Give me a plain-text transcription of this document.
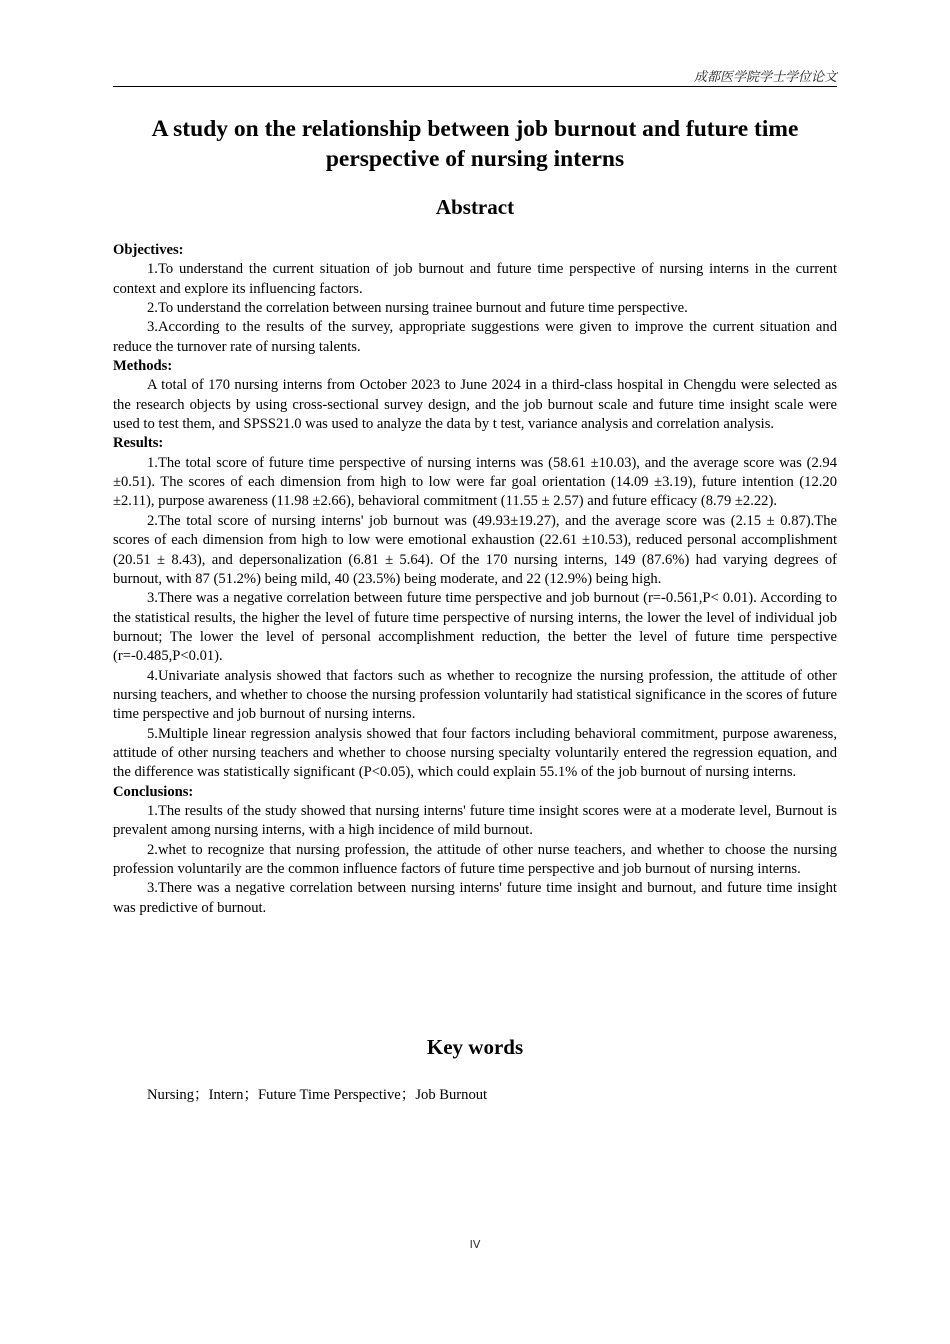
成都医学院学士学位论文
A study on the relationship between job burnout and future time perspective of nursing interns
Abstract
Objectives:

1.To understand the current situation of job burnout and future time perspective of nursing interns in the current context and explore its influencing factors.

2.To understand the correlation between nursing trainee burnout and future time perspective.

3.According to the results of the survey, appropriate suggestions were given to improve the current situation and reduce the turnover rate of nursing talents.

Methods:

A total of 170 nursing interns from October 2023 to June 2024 in a third-class hospital in Chengdu were selected as the research objects by using cross-sectional survey design, and the job burnout scale and future time insight scale were used to test them, and SPSS21.0 was used to analyze the data by t test, variance analysis and correlation analysis.

Results:

1.The total score of future time perspective of nursing interns was (58.61 ±10.03), and the average score was (2.94 ±0.51). The scores of each dimension from high to low were far goal orientation (14.09 ±3.19), future intention (12.20 ±2.11), purpose awareness (11.98 ±2.66), behavioral commitment (11.55 ± 2.57) and future efficacy (8.79 ±2.22).

2.The total score of nursing interns' job burnout was (49.93±19.27), and the average score was (2.15 ± 0.87).The scores of each dimension from high to low were emotional exhaustion (22.61 ±10.53), reduced personal accomplishment (20.51 ± 8.43), and depersonalization (6.81 ± 5.64). Of the 170 nursing interns, 149 (87.6%) had varying degrees of burnout, with 87 (51.2%) being mild, 40 (23.5%) being moderate, and 22 (12.9%) being high.

3.There was a negative correlation between future time perspective and job burnout (r=-0.561,P< 0.01). According to the statistical results, the higher the level of future time perspective of nursing interns, the lower the level of individual job burnout; The lower the level of personal accomplishment reduction, the better the level of future time perspective (r=-0.485,P<0.01).

4.Univariate analysis showed that factors such as whether to recognize the nursing profession, the attitude of other nursing teachers, and whether to choose the nursing profession voluntarily had statistical significance in the scores of future time perspective and job burnout of nursing interns.

5.Multiple linear regression analysis showed that four factors including behavioral commitment, purpose awareness, attitude of other nursing teachers and whether to choose nursing specialty voluntarily entered the regression equation, and the difference was statistically significant (P<0.05), which could explain 55.1% of the job burnout of nursing interns.

Conclusions:

1.The results of the study showed that nursing interns' future time insight scores were at a moderate level, Burnout is prevalent among nursing interns, with a high incidence of mild burnout.

2.whet to recognize that nursing profession, the attitude of other nurse teachers, and whether to choose the nursing profession voluntarily are the common influence factors of future time perspective and job burnout of nursing interns.

3.There was a negative correlation between nursing interns' future time insight and burnout, and future time insight was predictive of burnout.

Key words
Nursing；Intern；Future Time Perspective；Job Burnout
IV
